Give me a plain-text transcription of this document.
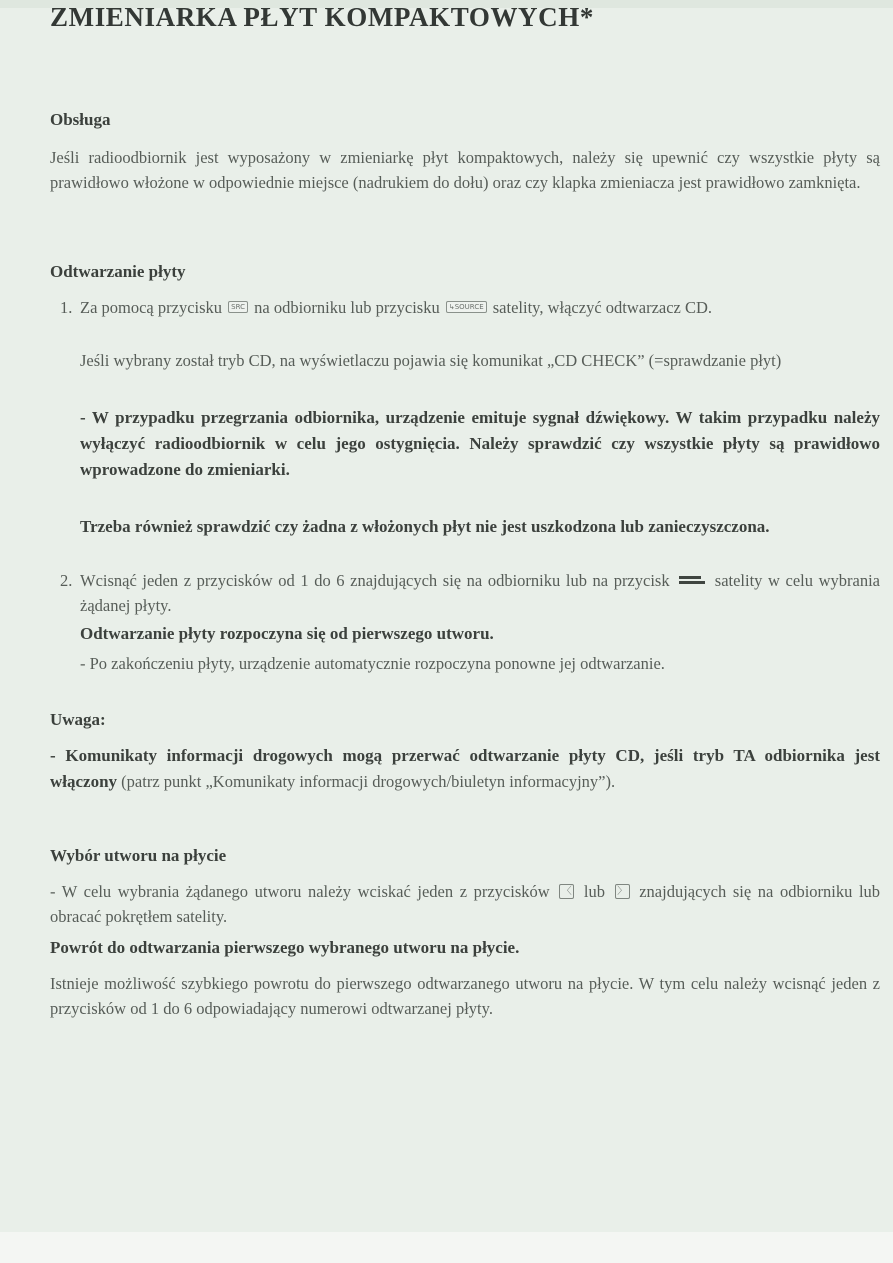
ZMIENIARKA PŁYT KOMPAKTOWYCH*
Obsługa

Jeśli radioodbiornik jest wyposażony w zmieniarkę płyt kompaktowych, należy się upewnić czy wszystkie płyty są prawidłowo włożone w odpowiednie miejsce (nadrukiem do dołu) oraz czy klapka zmieniacza jest prawidłowo zamknięta.

Odtwarzanie płyty
1. Za pomocą przycisku SRC na odbiorniku lub przycisku ↳SOURCE satelity, włączyć odtwarzacz CD.

Jeśli wybrany został tryb CD, na wyświetlaczu pojawia się komunikat „CD CHECK” (=sprawdzanie płyt)

- W przypadku przegrzania odbiornika, urządzenie emituje sygnał dźwiękowy. W takim przypadku należy wyłączyć radioodbiornik w celu jego ostygnięcia. Należy sprawdzić czy wszystkie płyty są prawidłowo wprowadzone do zmieniarki.

Trzeba również sprawdzić czy żadna z włożonych płyt nie jest uszkodzona lub zanieczyszczona.

2. Wcisnąć jeden z przycisków od 1 do 6 znajdujących się na odbiorniku lub na przycisk	satelity w celu wybrania żądanej płyty.

Odtwarzanie płyty rozpoczyna się od pierwszego utworu.

- Po zakończeniu płyty, urządzenie automatycznie rozpoczyna ponowne jej odtwarzanie.

Uwaga:

- Komunikaty informacji drogowych mogą przerwać odtwarzanie płyty CD, jeśli tryb TA odbiornika jest włączony (patrz punkt „Komunikaty informacji drogowych/biuletyn informacyjny”).

Wybór utworu na płycie

- W celu wybrania żądanego utworu należy wciskać jeden z przycisków 〈 lub 〉 znajdujących się na odbiorniku lub obracać pokrętłem satelity.

Powrót do odtwarzania pierwszego wybranego utworu na płycie.

Istnieje możliwość szybkiego powrotu do pierwszego odtwarzanego utworu na płycie. W tym celu należy wcisnąć jeden z przycisków od 1 do 6 odpowiadający numerowi odtwarzanej płyty.
